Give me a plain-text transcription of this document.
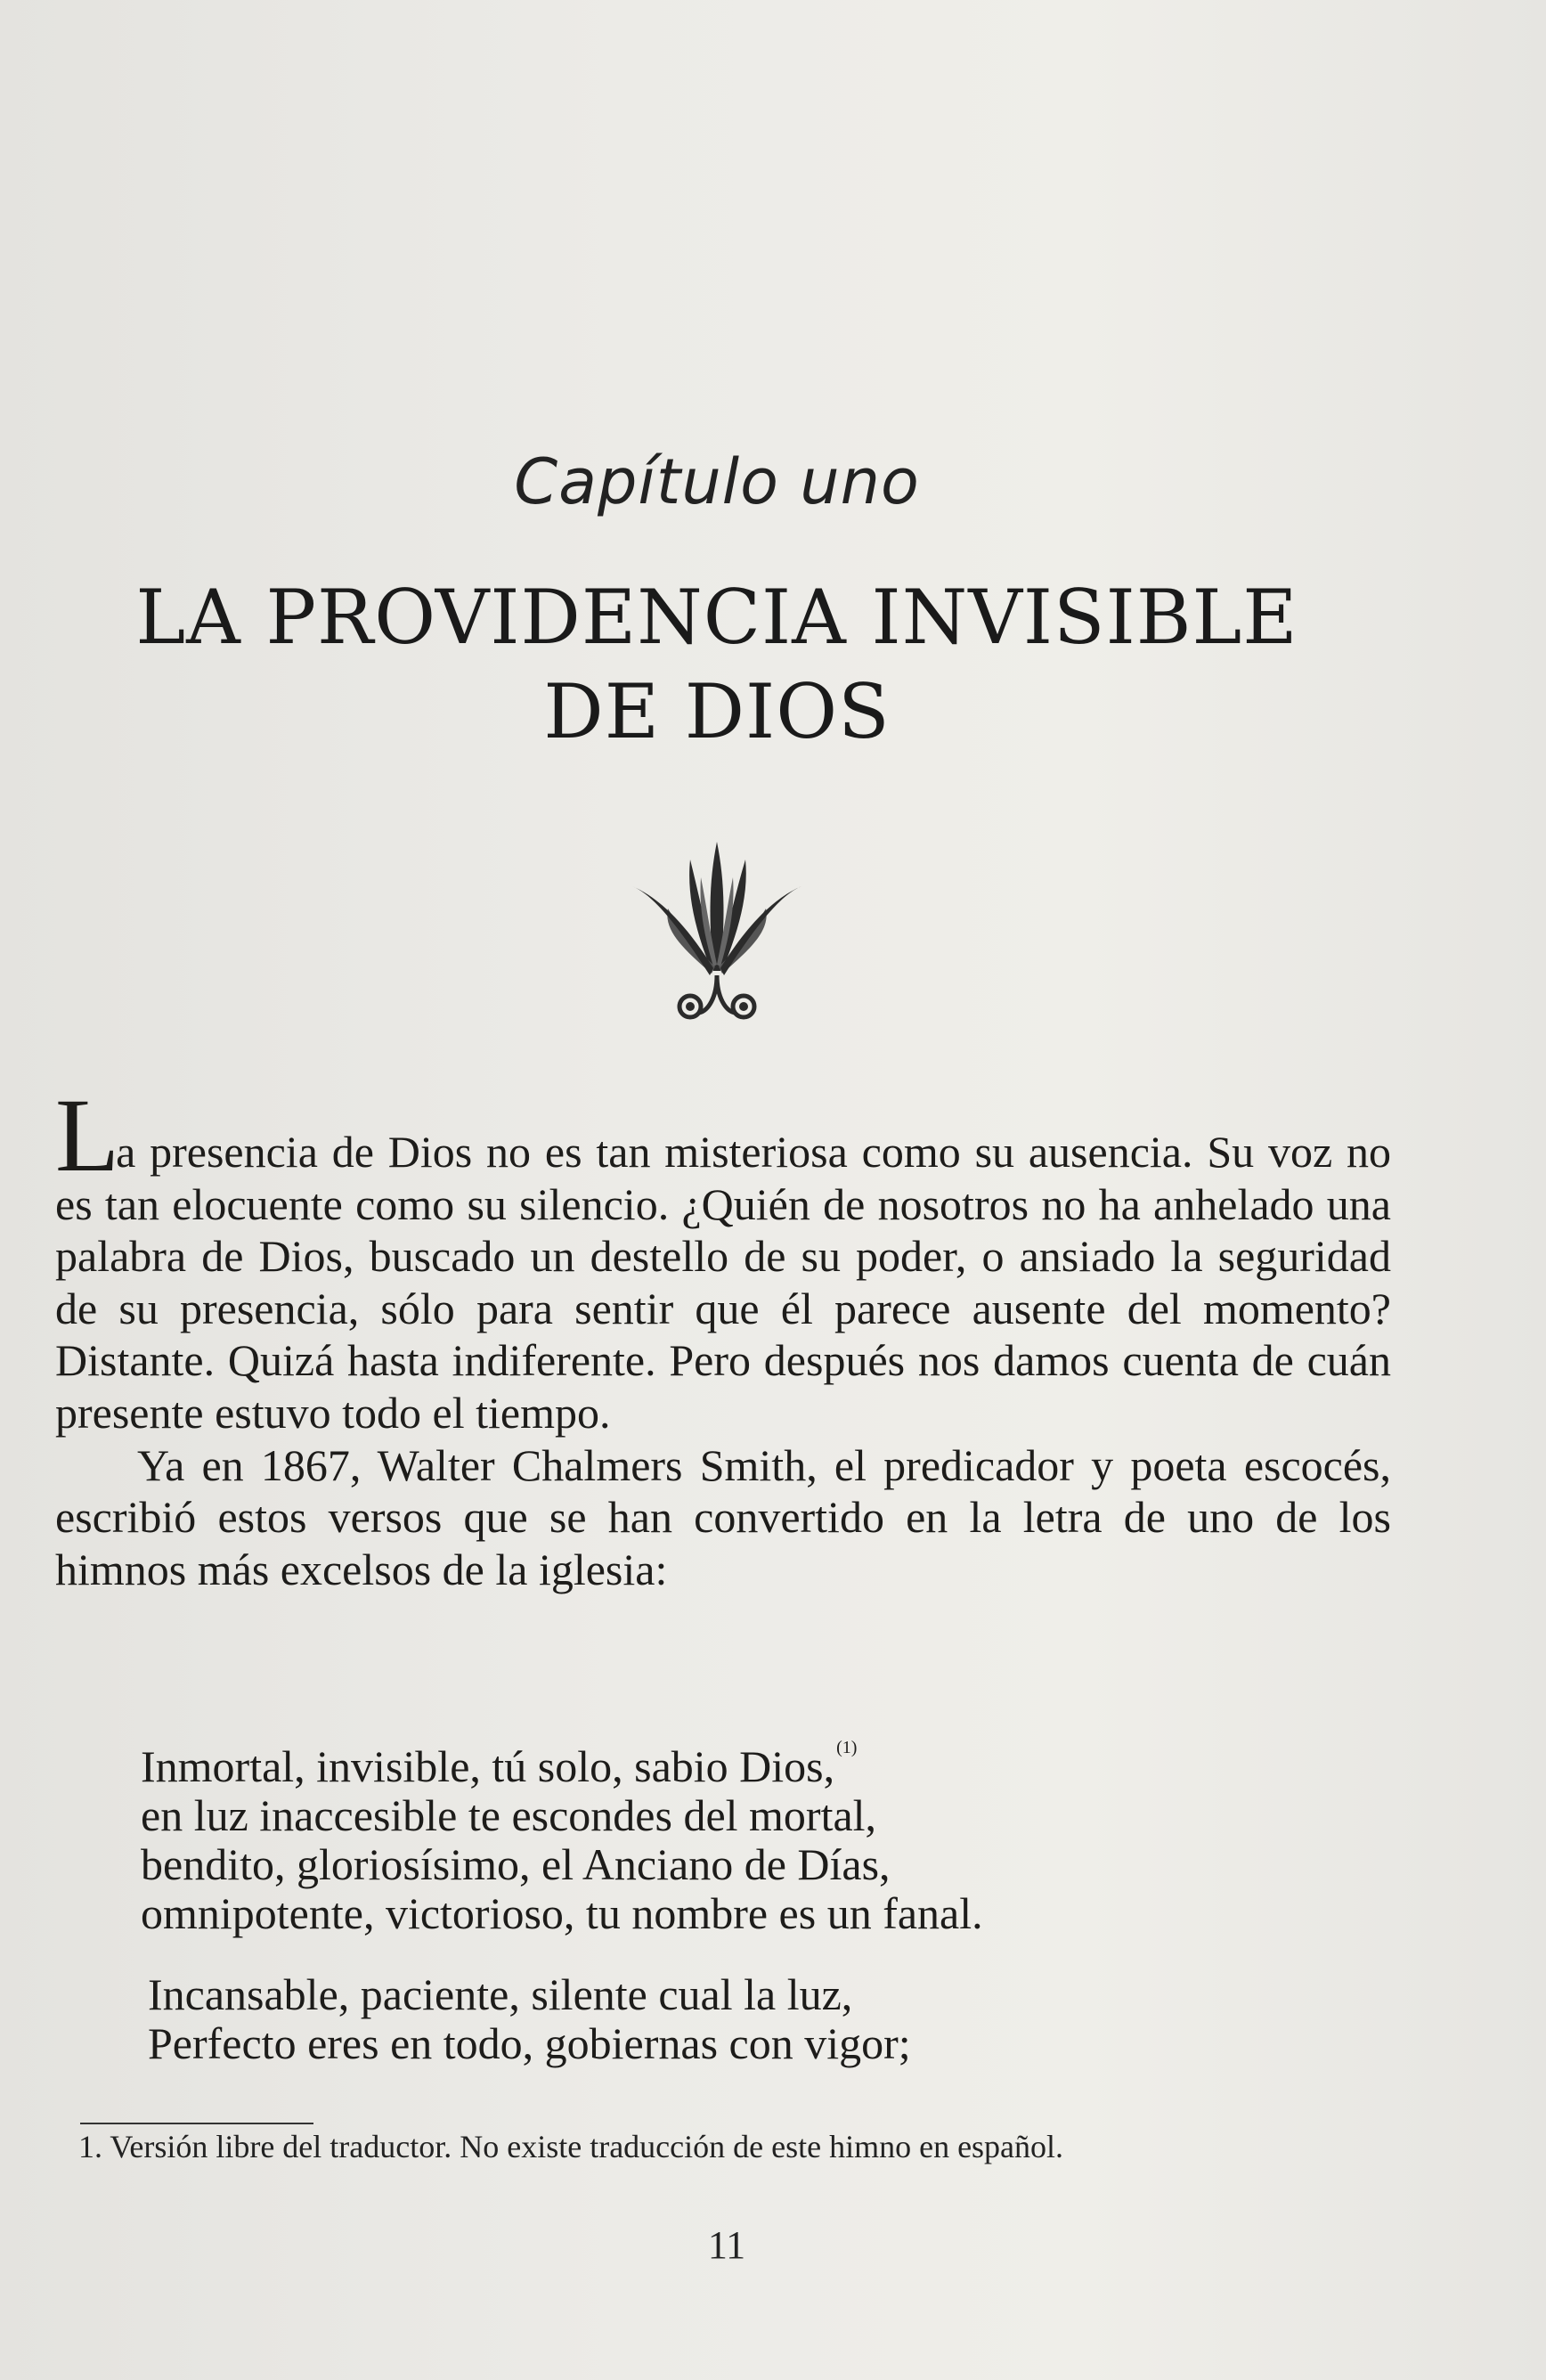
Capítulo uno
LA PROVIDENCIA INVISIBLE
DE DIOS

La presencia de Dios no es tan misteriosa como su ausencia. Su voz no es tan elocuente como su silencio. ¿Quién de nosotros no ha anhelado una palabra de Dios, buscado un destello de su poder, o ansiado la seguridad de su presencia, sólo para sentir que él parece ausente del momento? Distante. Quizá hasta indiferente. Pero después nos damos cuenta de cuán presente estuvo todo el tiempo.

Ya en 1867, Walter Chalmers Smith, el predicador y poeta escocés, escribió estos versos que se han convertido en la letra de uno de los himnos más excelsos de la iglesia:

Inmortal, invisible, tú solo, sabio Dios, $^{(1)}$
en luz inaccesible te escondes del mortal,
bendito, gloriosísimo, el Anciano de Días,
omnipotente, victorioso, tu nombre es un fanal.
Incansable, paciente, silente cual la luz,
Perfecto eres en todo, gobiernas con vigor;
1. Versión libre del traductor. No existe traducción de este himno en español.
11
